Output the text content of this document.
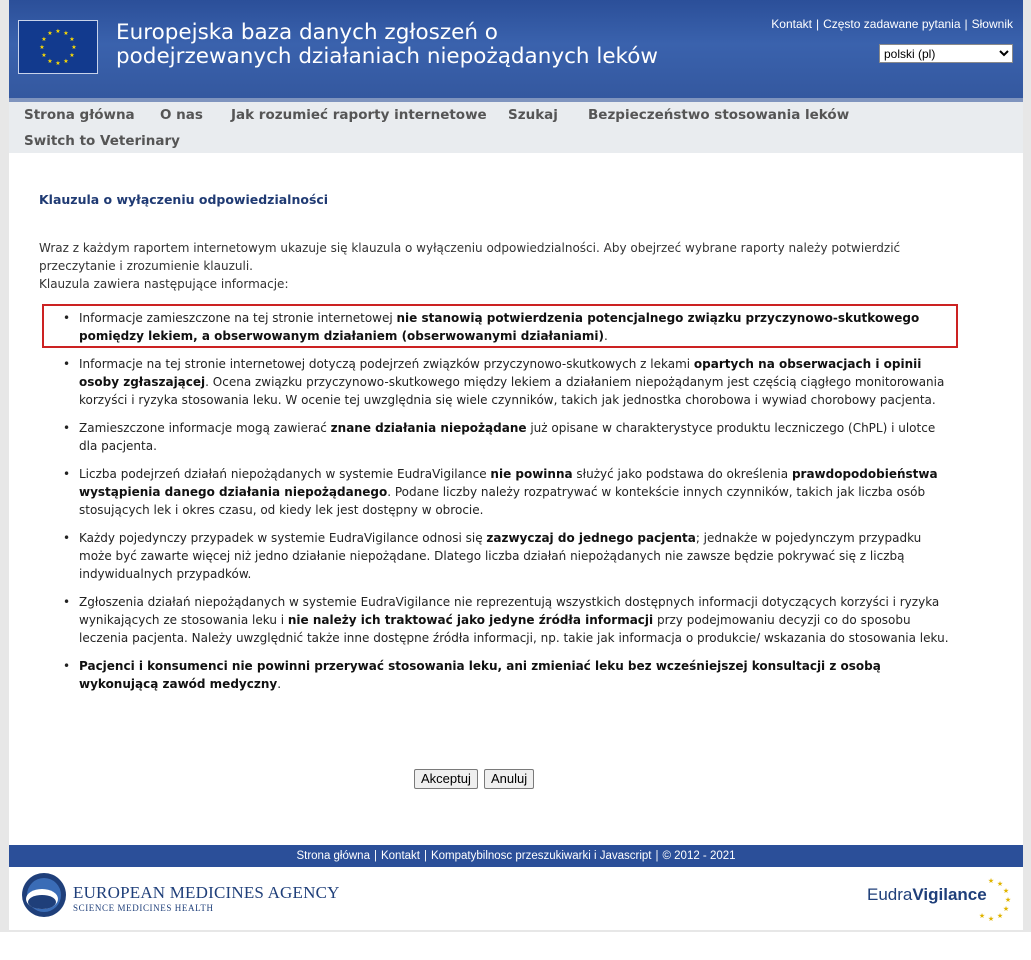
★ ★
★
★
★
★
★
★
★
★
★
★	Europejska baza danych zgłoszeń o
podejrzewanych działaniach niepożądanych leków
Kontakt | Często zadawane pytania | Słownik
polski (pl)
Strona główna O nas Jak rozumieć raporty internetowe Szukaj Bezpieczeństwo stosowania leków
Switch to Veterinary

Klauzula o wyłączeniu odpowiedzialności

Wraz z każdym raportem internetowym ukazuje się klauzula o wyłączeniu odpowiedzialności. Aby obejrzeć wybrane raporty należy potwierdzić przeczytanie i zrozumienie klauzuli.
Klauzula zawiera następujące informacje:
• Informacje zamieszczone na tej stronie internetowej nie stanowią potwierdzenia potencjalnego związku przyczynowo-skutkowego pomiędzy lekiem, a obserwowanym działaniem (obserwowanymi działaniami).
• Informacje na tej stronie internetowej dotyczą podejrzeń związków przyczynowo-skutkowych z lekami opartych na obserwacjach i opinii osoby zgłaszającej. Ocena związku przyczynowo-skutkowego między lekiem a działaniem niepożądanym jest częścią ciągłego monitorowania korzyści i ryzyka stosowania leku. W ocenie tej uwzględnia się wiele czynników, takich jak jednostka chorobowa i wywiad chorobowy pacjenta.
• Zamieszczone informacje mogą zawierać znane działania niepożądane już opisane w charakterystyce produktu leczniczego (ChPL) i ulotce dla pacjenta.
• Liczba podejrzeń działań niepożądanych w systemie EudraVigilance nie powinna służyć jako podstawa do określenia prawdopodobieństwa wystąpienia danego działania niepożądanego. Podane liczby należy rozpatrywać w kontekście innych czynników, takich jak liczba osób stosujących lek i okres czasu, od kiedy lek jest dostępny w obrocie.
• Każdy pojedynczy przypadek w systemie EudraVigilance odnosi się zazwyczaj do jednego pacjenta; jednakże w pojedynczym przypadku może być zawarte więcej niż jedno działanie niepożądane. Dlatego liczba działań niepożądanych nie zawsze będzie pokrywać się z liczbą indywidualnych przypadków.
• Zgłoszenia działań niepożądanych w systemie EudraVigilance nie reprezentują wszystkich dostępnych informacji dotyczących korzyści i ryzyka wynikających ze stosowania leku i nie należy ich traktować jako jedyne źródła informacji przy podejmowaniu decyzji co do sposobu leczenia pacjenta. Należy uwzględnić także inne dostępne źródła informacji, np. takie jak informacja o produkcie/ wskazania do stosowania leku.
• Pacjenci i konsumenci nie powinni przerywać stosowania leku, ani zmieniać leku bez wcześniejszej konsultacji z osobą wykonującą zawód medyczny.
Akceptuj Anuluj
Strona główna | Kontakt | Kompatybilnosc przeszukiwarki i Javascript | © 2012 - 2021
EUROPEAN MEDICINES AGENCY
SCIENCE MEDICINES HEALTH
EudraVigilance
★ ★
★
★
★
★
★
★
